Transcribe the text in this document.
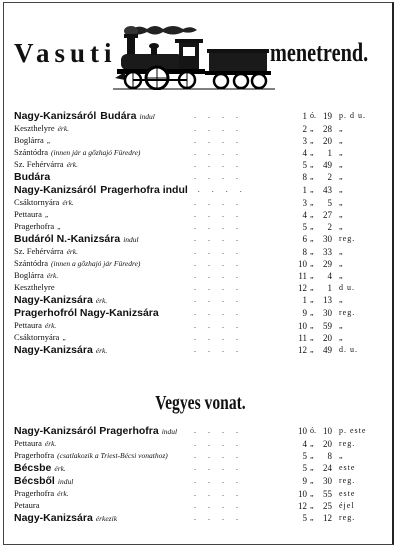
Vasuti	menetrend.
Nagy-Kanizsáról Budára indul	. . . .	1 ó. 19 p. d u.
Keszthelyre érk.	. . . .	2 „	28 „
Boglárra „	. . . .	3 „	20 „
Szántódra (innen jár a gőzhajó Füredre)	. . . .	4 „	1 „
Sz. Fehérvárra érk.	. . . .	5 „	49 „
Budára	. . . .	8 „	2 „
Nagy-Kanizsáról Pragerhofra indul . . . .	1 „	43 „
Csáktornyára érk.	. . . .	3 „	5 „
Pettaura „	. . . .	4 „	27 „
Pragerhofra „	. . . .	5 „	2 „
Budáról N.-Kanizsára indul	. . . .	6 „	30 reg.
Sz. Fehérvárra érk.	. . . .	8 „	33 „
Szántódra (innen a gőzhajó jár Füredre)	. . . .	10 „	29 „
Boglárra érk.	. . . .	11 „	4 „
Keszthelyre	. . . .	12 „	1 d u.
Nagy-Kanizsára érk.	. . . .	1 „	13 „
Pragerhofról Nagy-Kanizsára	. . . .	9 „	30 reg.
Pettaura érk.	. . . .	10 „	59 „
Csáktornyára „	. . . .	11 „	20 „
Nagy-Kanizsára érk.	. . . .	12 „	49 d. u.
Vegyes vonat.
Nagy-Kanizsáról Pragerhofra indul . . . .	10 ó. 10 p. este
Pettaura érk.	. . . .	4 „	20 reg.
Pragerhofra (csatlakozik a Triest-Bécsi vonathoz)	. . . .	5 „	8 „
Bécsbe érk.	. . . .	5 „	24 este
Bécsből indul	. . . .	9 „	30 reg.
Pragerhofra érk.	. . . .	10 „	55 este
Petaura	. . . .	12 „	25 éjel
Nagy-Kanizsára érkezik	. . . .	5 „	12 reg.
